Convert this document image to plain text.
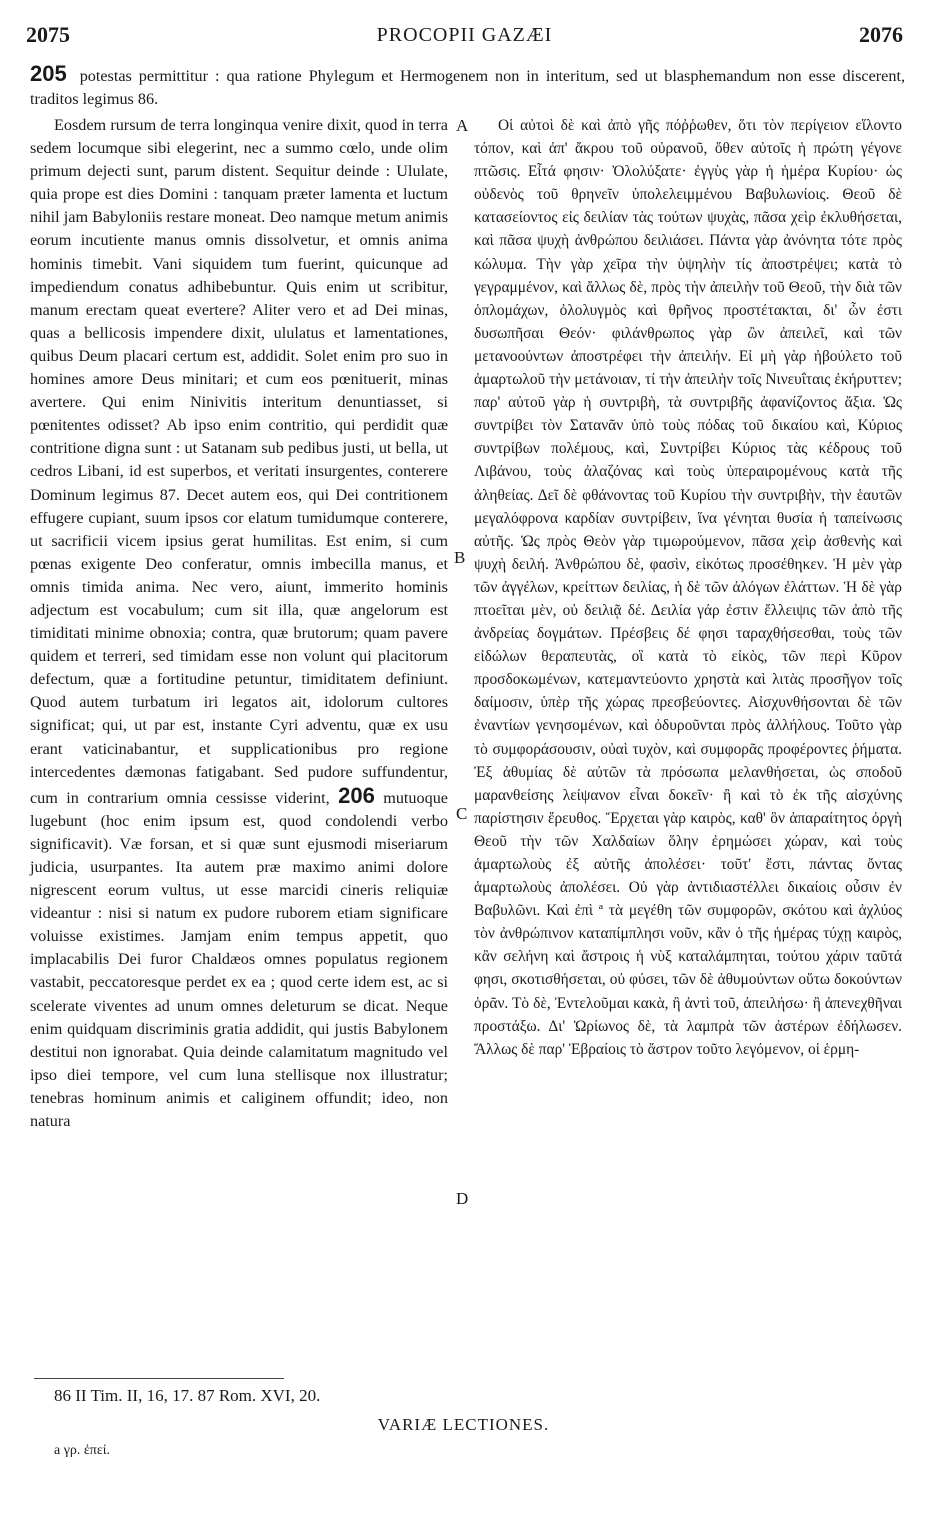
2075	PROCOPII GAZÆI	2076
205 potestas permittitur : qua ratione Phylegum et Hermogenem non in interitum, sed ut blasphemandum non esse discerent, traditos legimus 86.

Eosdem rursum de terra longinqua venire dixit, quod in terra sedem locumque sibi elegerint, nec a summo cœlo, unde olim primum dejecti sunt, parum distent. Sequitur deinde : Ululate, quia prope est dies Domini : tanquam præter lamenta et luctum nihil jam Babyloniis restare moneat. Deo namque metum animis eorum incutiente manus omnis dissolvetur, et omnis anima hominis timebit. Vani siquidem tum fuerint, quicunque ad impediendum conatus adhibebuntur. Quis enim ut scribitur, manum erectam queat evertere? Aliter vero et ad Dei minas, quas a bellicosis impendere dixit, ululatus et lamentationes, quibus Deum placari certum est, addidit. Solet enim pro suo in homines amore Deus minitari; et cum eos pœnituerit, minas avertere. Qui enim Ninivitis interitum denuntiasset, si pœnitentes odisset? Ab ipso enim contritio, qui perdidit quæ contritione digna sunt : ut Satanam sub pedibus justi, ut bella, ut cedros Libani, id est superbos, et veritati insurgentes, conterere Dominum legimus 87. Decet autem eos, qui Dei contritionem effugere cupiant, suum ipsos cor elatum tumidumque conterere, ut sacrificii vicem ipsius gerat humilitas. Est enim, si cum pœnas exigente Deo conferatur, omnis imbecilla manus, et omnis timida anima. Nec vero, aiunt, immerito hominis adjectum est vocabulum; cum sit illa, quæ angelorum est timiditati minime obnoxia; contra, quæ brutorum; quam pavere quidem et terreri, sed timidam esse non volunt qui placitorum defectum, quæ a fortitudine petuntur, timiditatem definiunt. Quod autem turbatum iri legatos ait, idolorum cultores significat; qui, ut par est, instante Cyri adventu, quæ ex usu erant vaticinabantur, et supplicationibus pro regione intercedentes dæmonas fatigabant. Sed pudore suffundentur, cum in contrarium omnia cessisse viderint, 206 mutuoque lugebunt (hoc enim ipsum est, quod condolendi verbo significavit). Væ forsan, et si quæ sunt ejusmodi miseriarum judicia, usurpantes. Ita autem præ maximo animi dolore nigrescent eorum vultus, ut esse marcidi cineris reliquiæ videantur : nisi si natum ex pudore ruborem etiam significare voluisse existimes. Jamjam enim tempus appetit, quo implacabilis Dei furor Chaldæos omnes populatus regionem vastabit, peccatoresque perdet ex ea ; quod certe idem est, ac si scelerate viventes ad unum omnes deleturum se dicat. Neque enim quidquam discriminis gratia addidit, qui justis Babylonem destitui non ignorabat. Quia deinde calamitatum magnitudo vel ipso diei tempore, vel cum luna stellisque nox illustratur; tenebras hominum animis et caliginem offundit; ideo, non natura

A
B
C
D

Οἱ αὐτοὶ δὲ καὶ ἀπὸ γῆς πόῤῥωθεν, ὅτι τὸν περίγειον εἵλοντο τόπον, καὶ ἀπ' ἄκρου τοῦ οὐρανοῦ, ὅθεν αὐτοῖς ἡ πρώτη γέγονε πτῶσις. Εἶτά φησιν· Ὀλολύξατε· ἐγγὺς γὰρ ἡ ἡμέρα Κυρίου· ὡς οὐδενὸς τοῦ θρηνεῖν ὑπολελειμμένου Βαβυλωνίοις. Θεοῦ δὲ κατασείοντος εἰς δειλίαν τὰς τούτων ψυχὰς, πᾶσα χεὶρ ἐκλυθήσεται, καὶ πᾶσα ψυχὴ ἀνθρώπου δειλιάσει. Πάντα γὰρ ἀνόνητα τότε πρὸς κώλυμα. Τὴν γὰρ χεῖρα τὴν ὑψηλὴν τίς ἀποστρέψει; κατὰ τὸ γεγραμμένον, καὶ ἄλλως δὲ, πρὸς τὴν ἀπειλὴν τοῦ Θεοῦ, τὴν διὰ τῶν ὁπλομάχων, ὀλολυγμὸς καὶ θρῆνος προστέτακται, δι' ὧν ἐστι δυσωπῆσαι Θεόν· φιλάνθρωπος γὰρ ὢν ἀπειλεῖ, καὶ τῶν μετανοούντων ἀποστρέφει τὴν ἀπειλήν. Εἰ μὴ γὰρ ἠβούλετο τοῦ ἁμαρτωλοῦ τὴν μετάνοιαν, τί τὴν ἀπειλὴν τοῖς Νινευΐταις ἐκήρυττεν; παρ' αὐτοῦ γὰρ ἡ συντριβὴ, τὰ συντριβῆς ἀφανίζοντος ἄξια. Ὡς συντρίβει τὸν Σατανᾶν ὑπὸ τοὺς πόδας τοῦ δικαίου καὶ, Κύριος συντρίβων πολέμους, καὶ, Συντρίβει Κύριος τὰς κέδρους τοῦ Λιβάνου, τοὺς ἀλαζόνας καὶ τοὺς ὑπεραιρομένους κατὰ τῆς ἀληθείας. Δεῖ δὲ φθάνοντας τοῦ Κυρίου τὴν συντριβὴν, τὴν ἑαυτῶν μεγαλόφρονα καρδίαν συντρίβειν, ἵνα γένηται θυσία ἡ ταπείνωσις αὐτῆς. Ὡς πρὸς Θεὸν γὰρ τιμωρούμενον, πᾶσα χεὶρ ἀσθενὴς καὶ ψυχὴ δειλή. Ἀνθρώπου δὲ, φασὶν, εἰκότως προσέθηκεν. Ἡ μὲν γὰρ τῶν ἀγγέλων, κρείττων δειλίας, ἡ δὲ τῶν ἀλόγων ἐλάττων. Ἡ δὲ γὰρ πτοεῖται μὲν, οὐ δειλιᾷ δέ. Δειλία γάρ ἐστιν ἔλλειψις τῶν ἀπὸ τῆς ἀνδρείας δογμάτων. Πρέσβεις δέ φησι ταραχθήσεσθαι, τοὺς τῶν εἰδώλων θεραπευτὰς, οἳ κατὰ τὸ εἰκὸς, τῶν περὶ Κῦρον προσδοκωμένων, κατεμαντεύοντο χρηστὰ καὶ λιτὰς προσῆγον τοῖς δαίμοσιν, ὑπὲρ τῆς χώρας πρεσβεύοντες. Αἰσχυνθήσονται δὲ τῶν ἐναντίων γενησομένων, καὶ ὀδυροῦνται πρὸς ἀλλήλους. Τοῦτο γὰρ τὸ συμφοράσουσιν, οὐαὶ τυχὸν, καὶ συμφορᾶς προφέροντες ῥήματα. Ἐξ ἀθυμίας δὲ αὐτῶν τὰ πρόσωπα μελανθήσεται, ὡς σποδοῦ μαρανθείσης λείψανον εἶναι δοκεῖν· ἢ καὶ τὸ ἐκ τῆς αἰσχύνης παρίστησιν ἔρευθος. Ἔρχεται γὰρ καιρὸς, καθ' ὃν ἀπαραίτητος ὀργὴ Θεοῦ τὴν τῶν Χαλδαίων ὅλην ἐρημώσει χώραν, καὶ τοὺς ἁμαρτωλοὺς ἐξ αὐτῆς ἀπολέσει· τοῦτ' ἔστι, πάντας ὄντας ἁμαρτωλοὺς ἀπολέσει. Οὐ γὰρ ἀντιδιαστέλλει δικαίοις οὖσιν ἐν Βαβυλῶνι. Καὶ ἐπὶ ª τὰ μεγέθη τῶν συμφορῶν, σκότου καὶ ἀχλύος τὸν ἀνθρώπινον καταπίμπλησι νοῦν, κἂν ὁ τῆς ἡμέρας τύχῃ καιρὸς, κἂν σελήνη καὶ ἄστροις ἡ νὺξ καταλάμπηται, τούτου χάριν ταῦτά φησι, σκοτισθήσεται, οὐ φύσει, τῶν δὲ ἀθυμούντων οὕτω δοκούντων ὁρᾶν. Τὸ δὲ, Ἐντελοῦμαι κακὰ, ἢ ἀντὶ τοῦ, ἀπειλήσω· ἢ ἀπενεχθῆναι προστάξω. Δι' Ὠρίωνος δὲ, τὰ λαμπρὰ τῶν ἀστέρων ἐδήλωσεν. Ἄλλως δὲ παρ' Ἑβραίοις τὸ ἄστρον τοῦτο λεγόμενον, οἱ ἑρμη-

86 II Tim. II, 16, 17. 87 Rom. XVI, 20.
VARIÆ LECTIONES.
a γρ. ἐπεί.
